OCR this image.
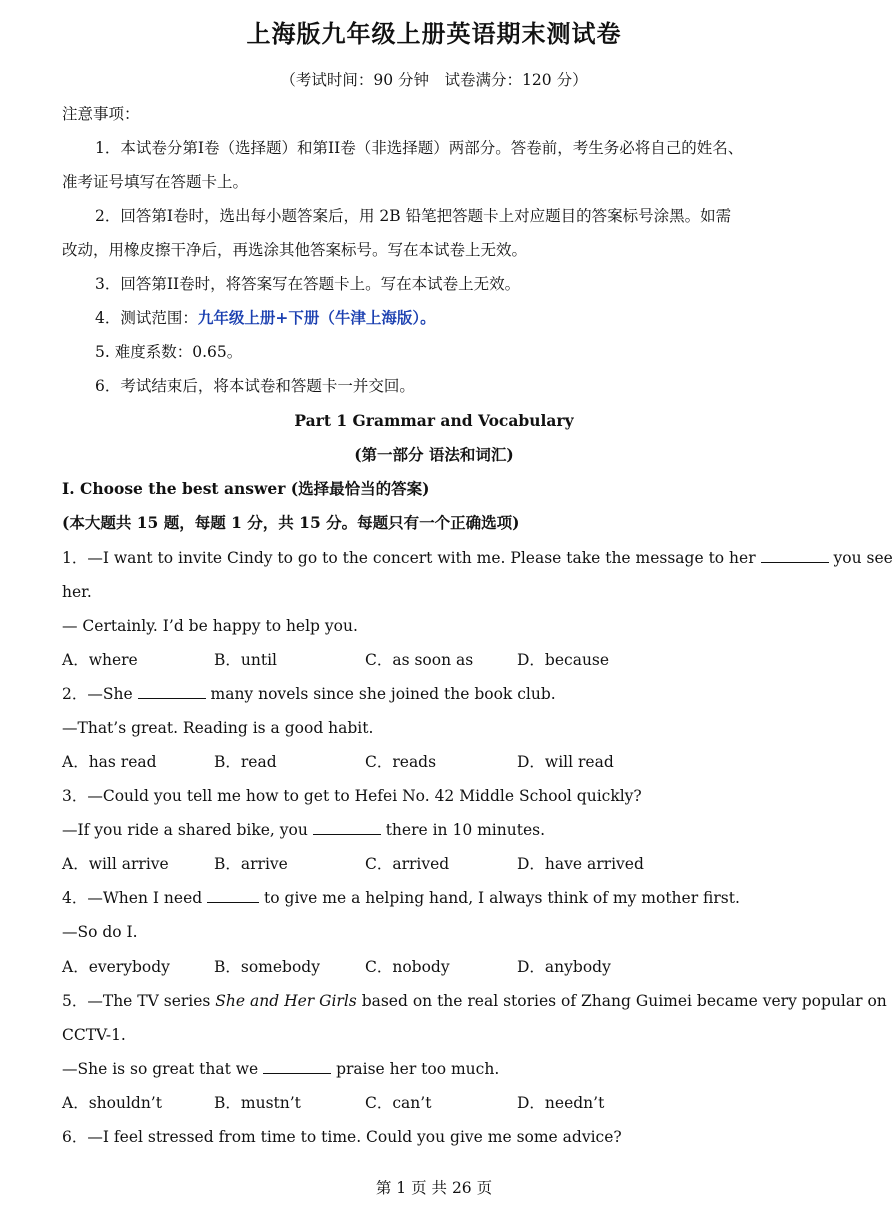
上海版九年级上册英语期末测试卷
（考试时间：90 分钟　试卷满分：120 分）
注意事项：
1．本试卷分第I卷（选择题）和第II卷（非选择题）两部分。答卷前，考生务必将自己的姓名、
准考证号填写在答题卡上。
2．回答第I卷时，选出每小题答案后，用 2B 铅笔把答题卡上对应题目的答案标号涂黑。如需
改动，用橡皮擦干净后，再选涂其他答案标号。写在本试卷上无效。
3．回答第II卷时，将答案写在答题卡上。写在本试卷上无效。
4．测试范围：九年级上册+下册（牛津上海版）。
5. 难度系数：0.65。
6．考试结束后，将本试卷和答题卡一并交回。
Part 1 Grammar and Vocabulary
(第一部分 语法和词汇)
I. Choose the best answer (选择最恰当的答案)
(本大题共 15 题，每题 1 分，共 15 分。每题只有一个正确选项)
1．—I want to invite Cindy to go to the concert with me. Please take the message to her	you see
her.
— Certainly. I’d be happy to help you.
A．where	B．until	C．as soon as	D．because
2．—She	many novels since she joined the book club.
—That’s great. Reading is a good habit.
A．has read	B．read	C．reads	D．will read
3．—Could you tell me how to get to Hefei No. 42 Middle School quickly?
—If you ride a shared bike, you	there in 10 minutes.
A．will arrive	B．arrive	C．arrived	D．have arrived
4．—When I need	to give me a helping hand, I always think of my mother first.
—So do I.
A．everybody	B．somebody	C．nobody	D．anybody
5．—The TV series She and Her Girls based on the real stories of Zhang Guimei became very popular on
CCTV-1.
—She is so great that we	praise her too much.
A．shouldn’t	B．mustn’t	C．can’t	D．needn’t
6．—I feel stressed from time to time. Could you give me some advice?
第 1 页 共 26 页
